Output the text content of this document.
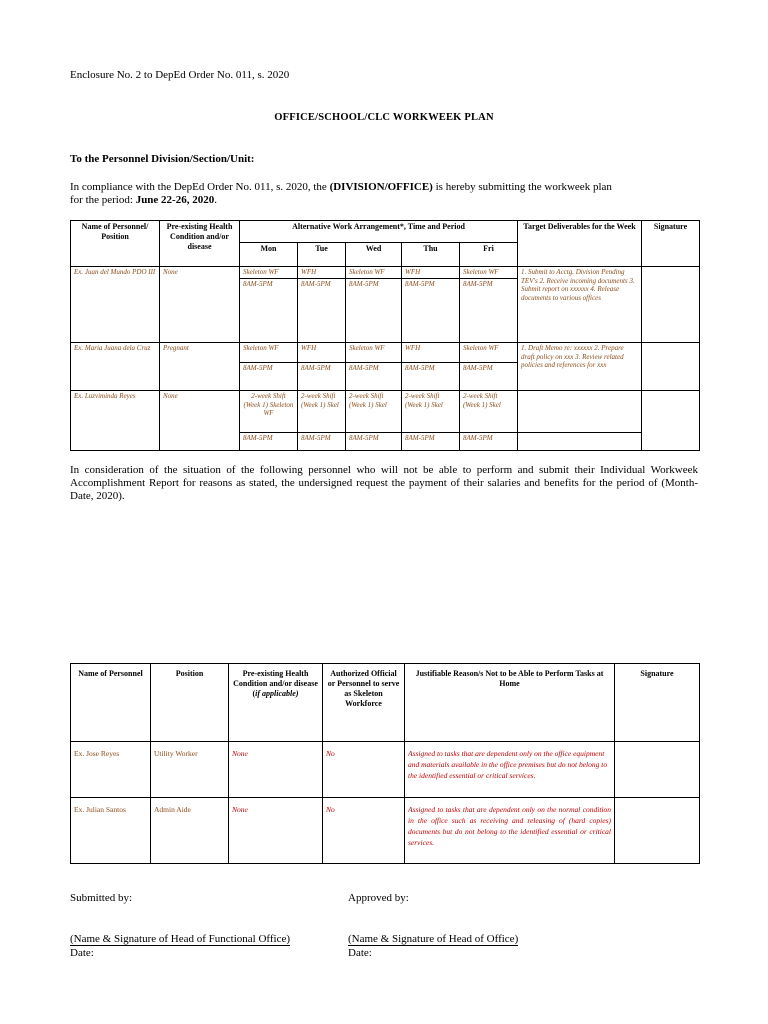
Enclosure No. 2 to DepEd Order No. 011, s. 2020
OFFICE/SCHOOL/CLC WORKWEEK PLAN
To the Personnel Division/Section/Unit:
In compliance with the DepEd Order No. 011, s. 2020, the (DIVISION/OFFICE) is hereby submitting the workweek plan
for the period: June 22-26, 2020.
Name of Personnel/ Position	Pre-existing Health Condition and/or disease	Alternative Work Arrangement*, Time and Period					Target Deliverables for the Week	Signature
		Mon	Tue	Wed	Thu	Fri		
Ex. Juan del Mundo PDO III	None	Skeleton WF	WFH	Skeleton WF	WFH	Skeleton WF	1. Submit to Acctg. Division Pending TEV's 2. Receive incoming documents 3. Submit report on xxxxxx 4. Release documents to various offices	
		8AM-5PM	8AM-5PM	8AM-5PM	8AM-5PM	8AM-5PM		
Ex. Maria Juana dela Cruz	Pregnant	Skeleton WF	WFH	Skeleton WF	WFH	Skeleton WF	1. Draft Memo re: xxxxxx 2. Prepare draft policy on xxx 3. Review related policies and references for xxx	
		8AM-5PM	8AM-5PM	8AM-5PM	8AM-5PM	8AM-5PM		
Ex. Luzviminda Reyes	None	2-week Shift (Week 1) Skeleton WF	2-week Shift (Week 1) Skel	2-week Shift (Week 1) Skel	2-week Shift (Week 1) Skel	2-week Shift (Week 1) Skel		
		8AM-5PM	8AM-5PM	8AM-5PM	8AM-5PM	8AM-5PM		
In consideration of the situation of the following personnel who will not be able to perform and submit their Individual Workweek Accomplishment Report for reasons as stated, the undersigned request the payment of their salaries and benefits for the period of (Month-Date, 2020).
Name of Personnel	Position	Pre-existing Health Condition and/or disease (if applicable)	Authorized Official or Personnel to serve as Skeleton Workforce	Justifiable Reason/s Not to be Able to Perform Tasks at Home	Signature
Ex. Jose Reyes	Utility Worker	None	No	Assigned to tasks that are dependent only on the office equipment and materials available in the office premises but do not belong to the identified essential or critical services.	
Ex. Julian Santos	Admin Aide	None	No	Assigned to tasks that are dependent only on the normal condition in the office such as receiving and releasing of (hard copies) documents but do not belong to the identified essential or critical services.	
Submitted by:	Approved by:
(Name & Signature of Head of Functional Office)	(Name & Signature of Head of Office)
Date:	Date:
